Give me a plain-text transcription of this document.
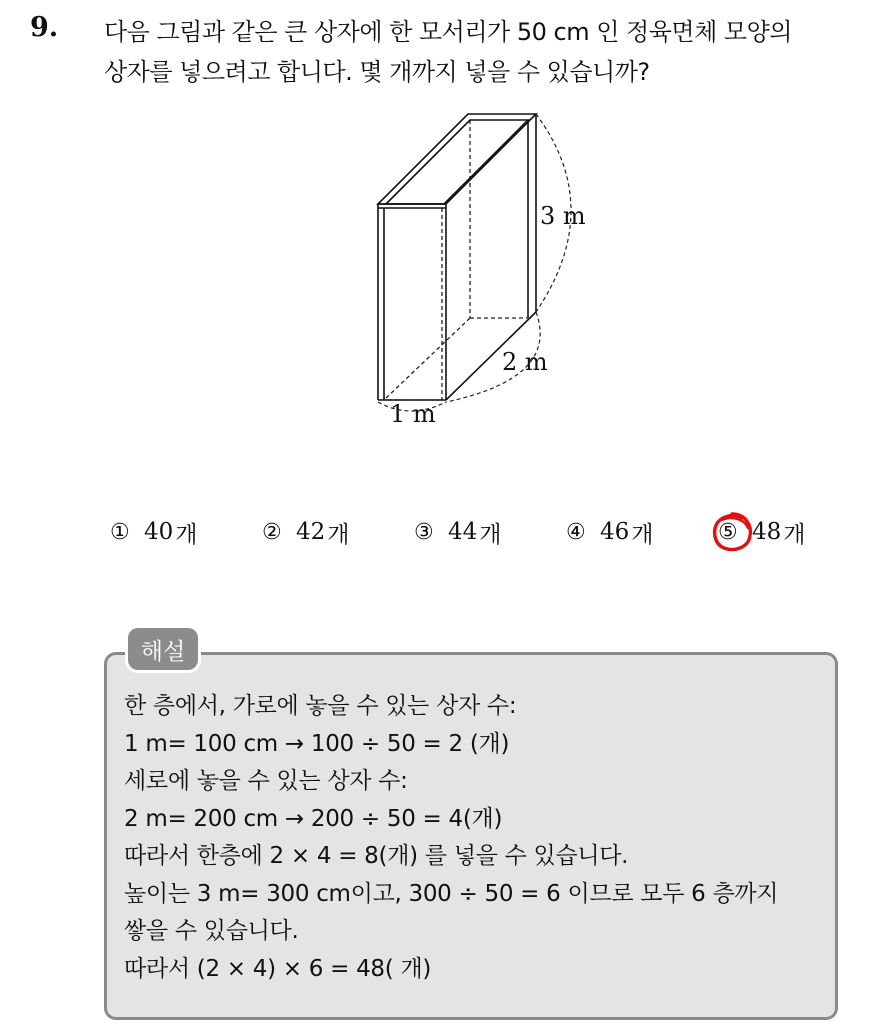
9. 다음 그림과 같은 큰 상자에 한 모서리가 50 cm 인 정육면체 모양의
상자를 넣으려고 합니다. 몇 개까지 넣을 수 있습니까?
3 m
2 m
1 m
① 40 개	② 42 개	③ 44 개	④ 46 개	⑤ 48 개
해설
한 층에서, 가로에 놓을 수 있는 상자 수:
1 m= 100 cm → 100 ÷ 50 = 2 (개)
세로에 놓을 수 있는 상자 수:
2 m= 200 cm → 200 ÷ 50 = 4(개)
따라서 한층에 2 × 4 = 8(개) 를 넣을 수 있습니다.
높이는 3 m= 300 cm이고, 300 ÷ 50 = 6 이므로 모두 6 층까지
쌓을 수 있습니다.
따라서 (2 × 4) × 6 = 48( 개)
